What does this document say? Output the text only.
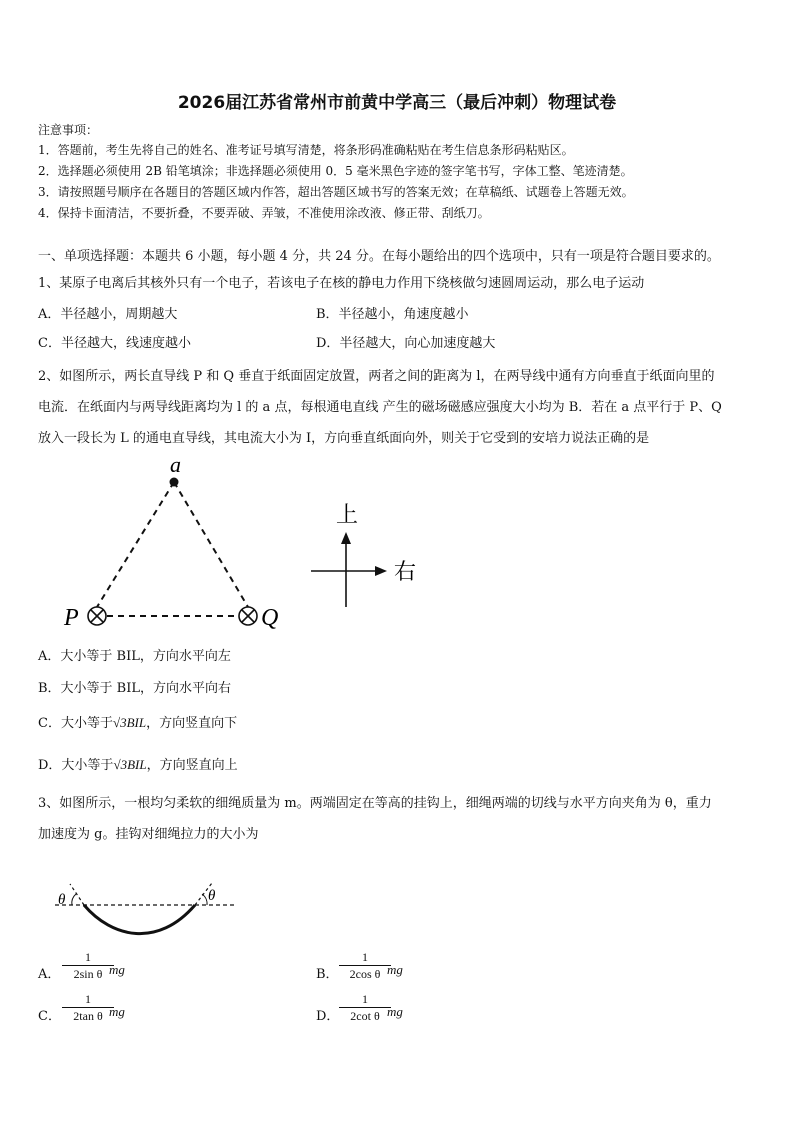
2026届江苏省常州市前黄中学高三（最后冲刺）物理试卷
注意事项：
1．答题前，考生先将自己的姓名、准考证号填写清楚，将条形码准确粘贴在考生信息条形码粘贴区。
2．选择题必须使用 2B 铅笔填涂；非选择题必须使用 0．5 毫米黑色字迹的签字笔书写，字体工整、笔迹清楚。
3．请按照题号顺序在各题目的答题区域内作答，超出答题区域书写的答案无效；在草稿纸、试题卷上答题无效。
4．保持卡面清洁，不要折叠，不要弄破、弄皱，不准使用涂改液、修正带、刮纸刀。
一、单项选择题：本题共 6 小题，每小题 4 分，共 24 分。在每小题给出的四个选项中，只有一项是符合题目要求的。
1、某原子电离后其核外只有一个电子，若该电子在核的静电力作用下绕核做匀速圆周运动，那么电子运动
A．半径越小，周期越大	B．半径越小，角速度越小
C．半径越大，线速度越小	D．半径越大，向心加速度越大
2、如图所示，两长直导线 P 和 Q 垂直于纸面固定放置，两者之间的距离为 l，在两导线中通有方向垂直于纸面向里的
电流．在纸面内与两导线距离均为 l 的 a 点，每根通电直线 产生的磁场磁感应强度大小均为 B．若在 a 点平行于 P、Q
放入一段长为 L 的通电直导线，其电流大小为 I，方向垂直纸面向外，则关于它受到的安培力说法正确的是
a
P	Q
上
右
A．大小等于 BIL，方向水平向左
B．大小等于 BIL，方向水平向右
C．大小等于√3BIL，方向竖直向下
D．大小等于√3BIL，方向竖直向上
3、如图所示，一根均匀柔软的细绳质量为 m。两端固定在等高的挂钩上，细绳两端的切线与水平方向夹角为 θ，重力
加速度为 g。挂钩对细绳拉力的大小为
θ	θ
A．
1
2sin θ mg	B．
1
2cos θ mg
C．
1
2tan θ mg	D．
1
2cot θ mg
